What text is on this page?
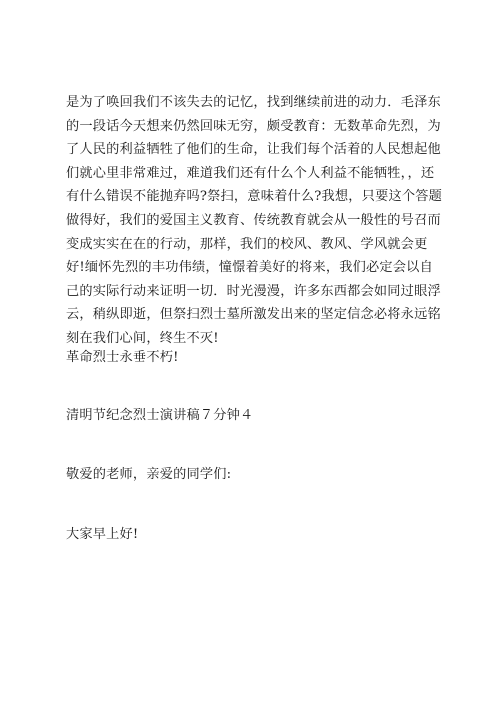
是为了唤回我们不该失去的记忆，找到继续前进的动力．毛泽东
的一段话今天想来仍然回味无穷，颇受教育：无数革命先烈，为
了人民的利益牺牲了他们的生命，让我们每个活着的人民想起他
们就心里非常难过，难道我们还有什么个人利益不能牺牲，，还
有什么错误不能抛弃吗?祭扫，意味着什么?我想，只要这个答题
做得好，我们的爱国主义教育、传统教育就会从一般性的号召而
变成实实在在的行动，那样，我们的校风、教风、学风就会更
好!缅怀先烈的丰功伟绩，憧憬着美好的将来，我们必定会以自
己的实际行动来证明一切．时光漫漫，许多东西都会如同过眼浮
云，稍纵即逝，但祭扫烈士墓所激发出来的坚定信念必将永远铭
刻在我们心间，终生不灭!

革命烈士永垂不朽!

清明节纪念烈士演讲稿７分钟４

敬爱的老师，亲爱的同学们:

大家早上好!
